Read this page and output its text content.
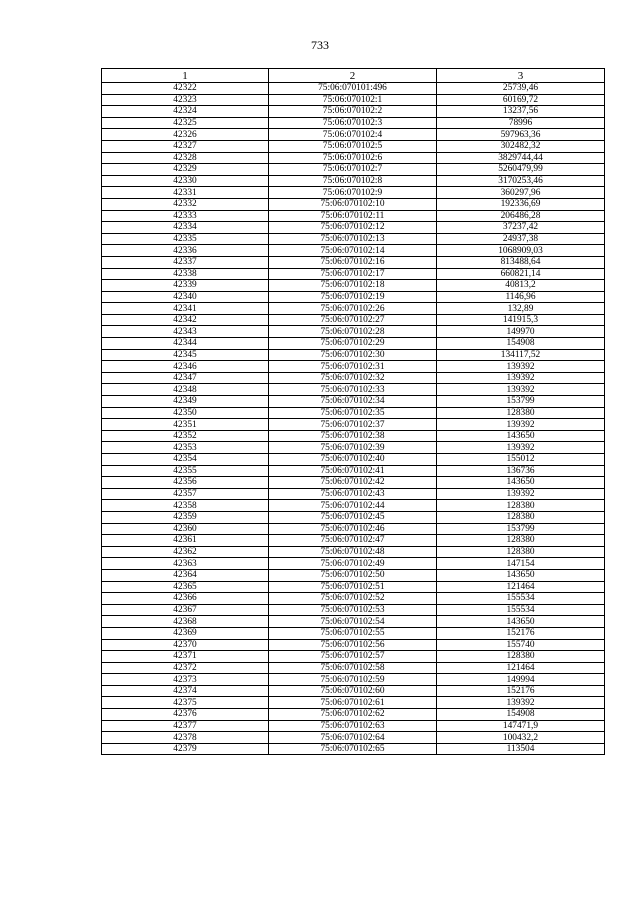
733
1	2	3
42322	75:06:070101:496	25739,46
42323	75:06:070102:1	60169,72
42324	75:06:070102:2	13237,56
42325	75:06:070102:3	78996
42326	75:06:070102:4	597963,36
42327	75:06:070102:5	302482,32
42328	75:06:070102:6	3829744,44
42329	75:06:070102:7	5260479,99
42330	75:06:070102:8	3170253,46
42331	75:06:070102:9	360297,96
42332	75:06:070102:10	192336,69
42333	75:06:070102:11	206486,28
42334	75:06:070102:12	37237,42
42335	75:06:070102:13	24937,38
42336	75:06:070102:14	1068909,03
42337	75:06:070102:16	813488,64
42338	75:06:070102:17	660821,14
42339	75:06:070102:18	40813,2
42340	75:06:070102:19	1146,96
42341	75:06:070102:26	132,89
42342	75:06:070102:27	141915,3
42343	75:06:070102:28	149970
42344	75:06:070102:29	154908
42345	75:06:070102:30	134117,52
42346	75:06:070102:31	139392
42347	75:06:070102:32	139392
42348	75:06:070102:33	139392
42349	75:06:070102:34	153799
42350	75:06:070102:35	128380
42351	75:06:070102:37	139392
42352	75:06:070102:38	143650
42353	75:06:070102:39	139392
42354	75:06:070102:40	155012
42355	75:06:070102:41	136736
42356	75:06:070102:42	143650
42357	75:06:070102:43	139392
42358	75:06:070102:44	128380
42359	75:06:070102:45	128380
42360	75:06:070102:46	153799
42361	75:06:070102:47	128380
42362	75:06:070102:48	128380
42363	75:06:070102:49	147154
42364	75:06:070102:50	143650
42365	75:06:070102:51	121464
42366	75:06:070102:52	155534
42367	75:06:070102:53	155534
42368	75:06:070102:54	143650
42369	75:06:070102:55	152176
42370	75:06:070102:56	155740
42371	75:06:070102:57	128380
42372	75:06:070102:58	121464
42373	75:06:070102:59	149994
42374	75:06:070102:60	152176
42375	75:06:070102:61	139392
42376	75:06:070102:62	154908
42377	75:06:070102:63	147471,9
42378	75:06:070102:64	100432,2
42379	75:06:070102:65	113504
